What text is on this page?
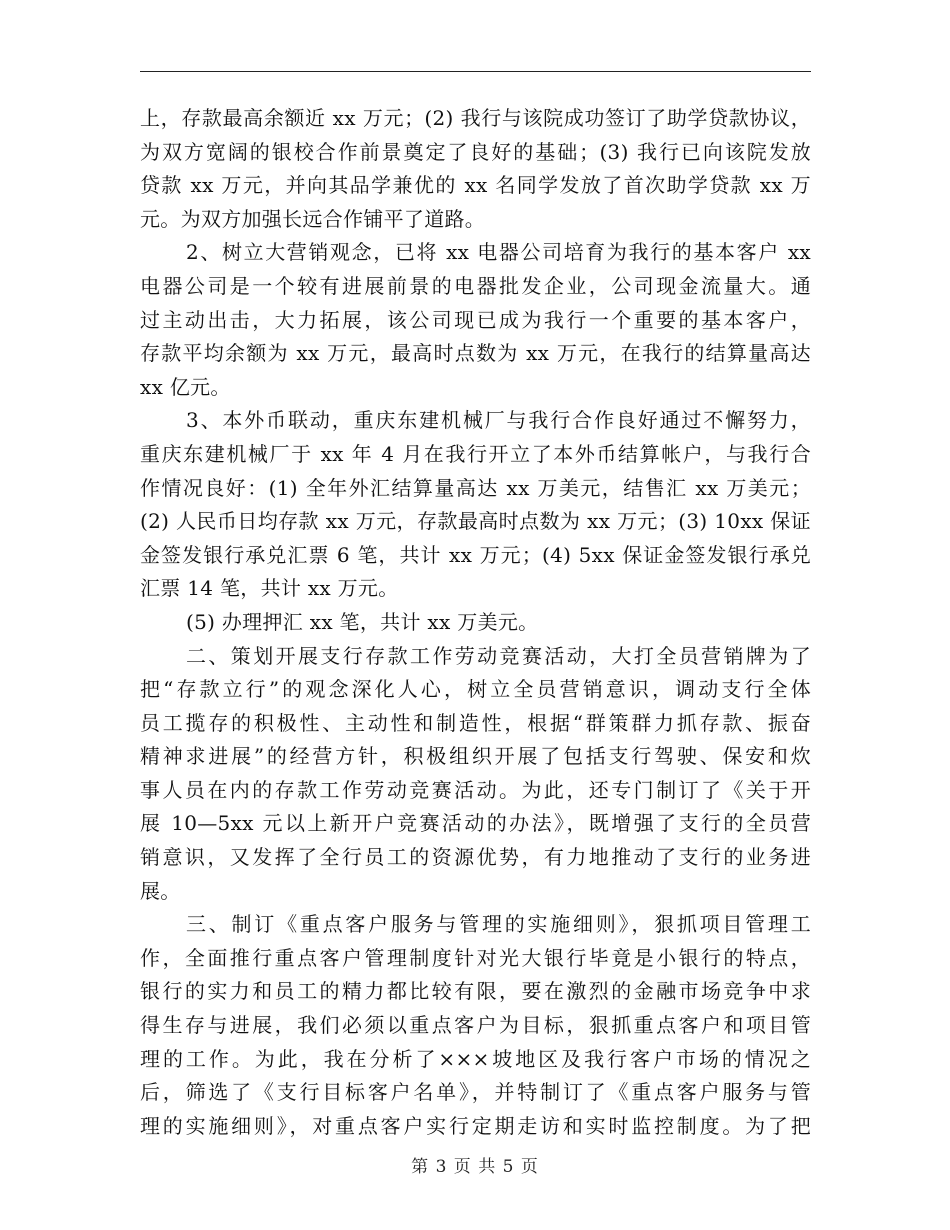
上，存款最高余额近 xx 万元；(2) 我行与该院成功签订了助学贷款协议，
为双方宽阔的银校合作前景奠定了良好的基础；(3) 我行已向该院发放
贷款 xx 万元，并向其品学兼优的 xx 名同学发放了首次助学贷款 xx 万
元。为双方加强长远合作铺平了道路。
2、树立大营销观念，已将 xx 电器公司培育为我行的基本客户 xx
电器公司是一个较有进展前景的电器批发企业，公司现金流量大。通
过主动出击，大力拓展，该公司现已成为我行一个重要的基本客户，
存款平均余额为 xx 万元，最高时点数为 xx 万元，在我行的结算量高达
xx 亿元。
3、本外币联动，重庆东建机械厂与我行合作良好通过不懈努力，
重庆东建机械厂于 xx 年 4 月在我行开立了本外币结算帐户，与我行合
作情况良好：(1) 全年外汇结算量高达 xx 万美元，结售汇 xx 万美元；
(2) 人民币日均存款 xx 万元，存款最高时点数为 xx 万元；(3) 10xx 保证
金签发银行承兑汇票 6 笔，共计 xx 万元；(4) 5xx 保证金签发银行承兑
汇票 14 笔，共计 xx 万元。
(5) 办理押汇 xx 笔，共计 xx 万美元。
二、策划开展支行存款工作劳动竞赛活动，大打全员营销牌为了
把“存款立行”的观念深化人心，树立全员营销意识，调动支行全体
员工揽存的积极性、主动性和制造性，根据“群策群力抓存款、振奋
精神求进展”的经营方针，积极组织开展了包括支行驾驶、保安和炊
事人员在内的存款工作劳动竞赛活动。为此，还专门制订了《关于开
展 10—5xx 元以上新开户竞赛活动的办法》，既增强了支行的全员营
销意识，又发挥了全行员工的资源优势，有力地推动了支行的业务进
展。
三、制订《重点客户服务与管理的实施细则》，狠抓项目管理工
作，全面推行重点客户管理制度针对光大银行毕竟是小银行的特点，
银行的实力和员工的精力都比较有限，要在激烈的金融市场竞争中求
得生存与进展，我们必须以重点客户为目标，狠抓重点客户和项目管
理的工作。为此，我在分析了×××坡地区及我行客户市场的情况之
后，筛选了《支行目标客户名单》，并特制订了《重点客户服务与管
理的实施细则》，对重点客户实行定期走访和实时监控制度。为了把
第 3 页 共 5 页
